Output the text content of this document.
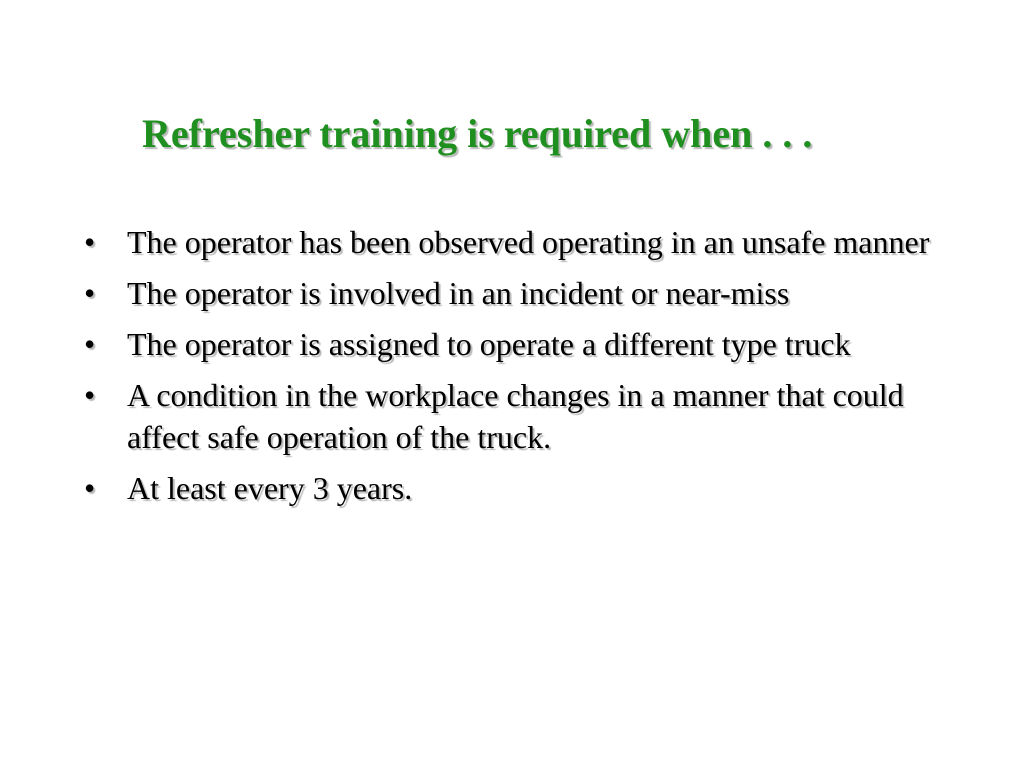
Refresher training is required when . . .
• The operator has been observed operating in an unsafe manner
• The operator is involved in an incident or near-miss
• The operator is assigned to operate a different type truck
• A condition in the workplace changes in a manner that could affect safe operation of the truck.
• At least every 3 years.
